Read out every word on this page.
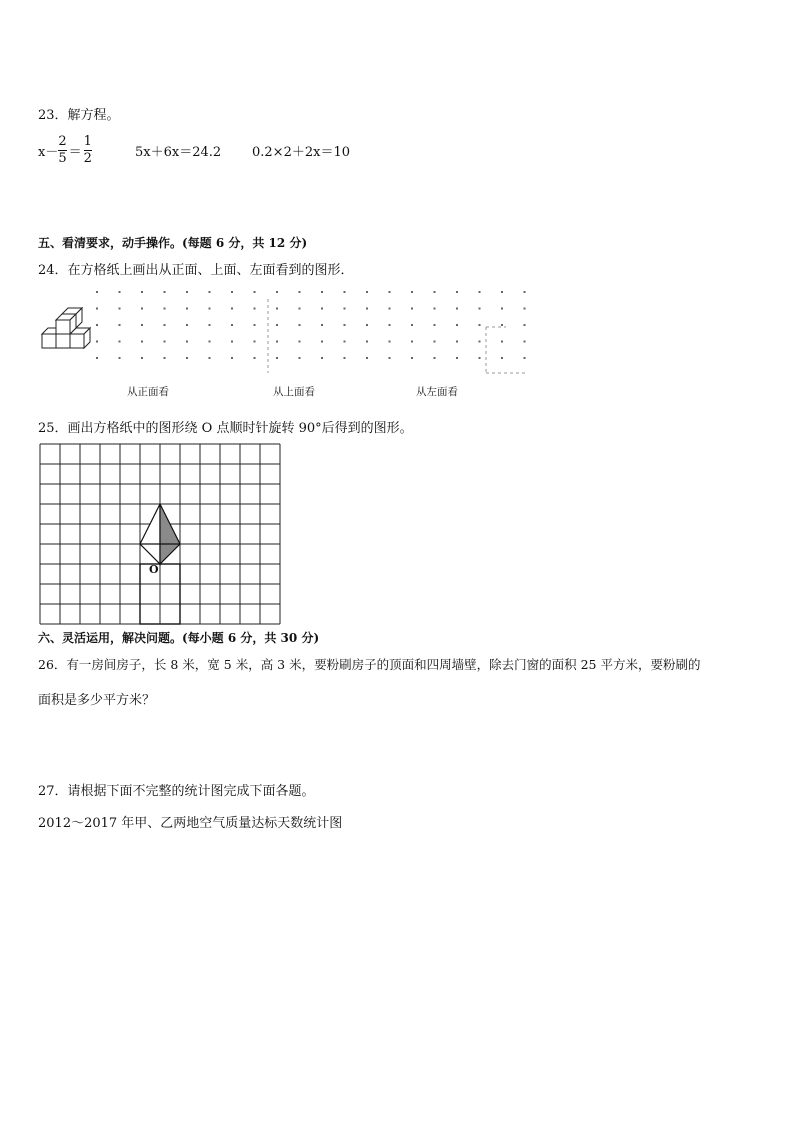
23．解方程。
$x- \frac{2}{5} = \frac{1}{2}$	5x＋6x＝24.2 0.2×2＋2x＝10
五、看清要求，动手操作。(每题 6 分，共 12 分)
24．在方格纸上画出从正面、上面、左面看到的图形．
从正面看	从上面看	从左面看
25．画出方格纸中的图形绕 O 点顺时针旋转 90°后得到的图形。
O
六、灵活运用，解决问题。(每小题 6 分，共 30 分)
26．有一房间房子，长 8 米，宽 5 米，高 3 米，要粉刷房子的顶面和四周墙壁，除去门窗的面积 25 平方米，要粉刷的
面积是多少平方米？
27．请根据下面不完整的统计图完成下面各题。
2012～2017 年甲、乙两地空气质量达标天数统计图
